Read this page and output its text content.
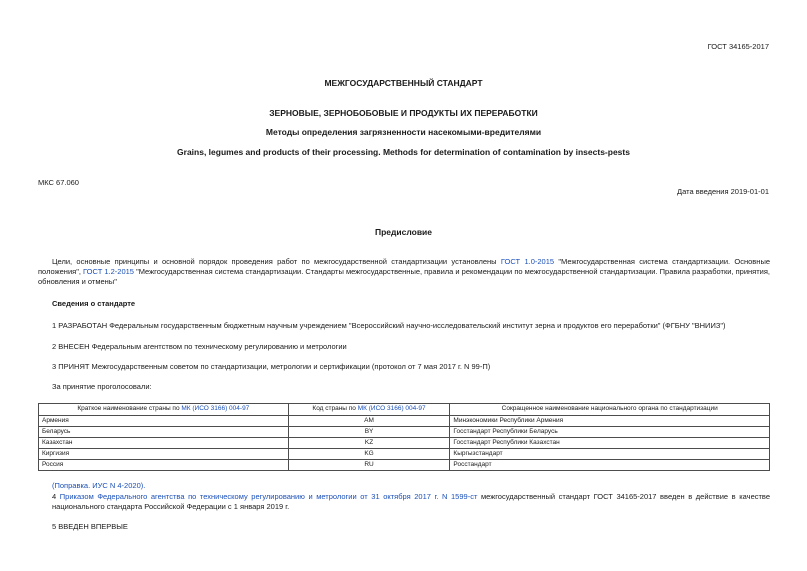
ГОСТ 34165-2017
МЕЖГОСУДАРСТВЕННЫЙ СТАНДАРТ
ЗЕРНОВЫЕ, ЗЕРНОБОБОВЫЕ И ПРОДУКТЫ ИХ ПЕРЕРАБОТКИ
Методы определения загрязненности насекомыми-вредителями
Grains, legumes and products of their processing. Methods for determination of contamination by insects-pests
МКС 67.060
Дата введения 2019-01-01
Предисловие
Цели, основные принципы и основной порядок проведения работ по межгосударственной стандартизации установлены ГОСТ 1.0-2015 "Межгосударственная система стандартизации. Основные положения", ГОСТ 1.2-2015 "Межгосударственная система стандартизации. Стандарты межгосударственные, правила и рекомендации по межгосударственной стандартизации. Правила разработки, принятия, обновления и отмены"
Сведения о стандарте
1 РАЗРАБОТАН Федеральным государственным бюджетным научным учреждением "Всероссийский научно-исследовательский институт зерна и продуктов его переработки" (ФГБНУ "ВНИИЗ")
2 ВНЕСЕН Федеральным агентством по техническому регулированию и метрологии
3 ПРИНЯТ Межгосударственным советом по стандартизации, метрологии и сертификации (протокол от 7 мая 2017 г. N 99-П)
За принятие проголосовали:
Краткое наименование страны по МК (ИСО 3166) 004-97	Код страны по МК (ИСО 3166) 004-97	Сокращенное наименование национального органа по стандартизации
Армения	AM	Минэкономики Республики Армения
Беларусь	BY	Госстандарт Республики Беларусь
Казахстан	KZ	Госстандарт Республики Казахстан
Киргизия	KG	Кыргызстандарт
Россия	RU	Росстандарт
(Поправка. ИУС N 4-2020).
4 Приказом Федерального агентства по техническому регулированию и метрологии от 31 октября 2017 г. N 1599-ст межгосударственный стандарт ГОСТ 34165-2017 введен в действие в качестве национального стандарта Российской Федерации с 1 января 2019 г.
5 ВВЕДЕН ВПЕРВЫЕ
